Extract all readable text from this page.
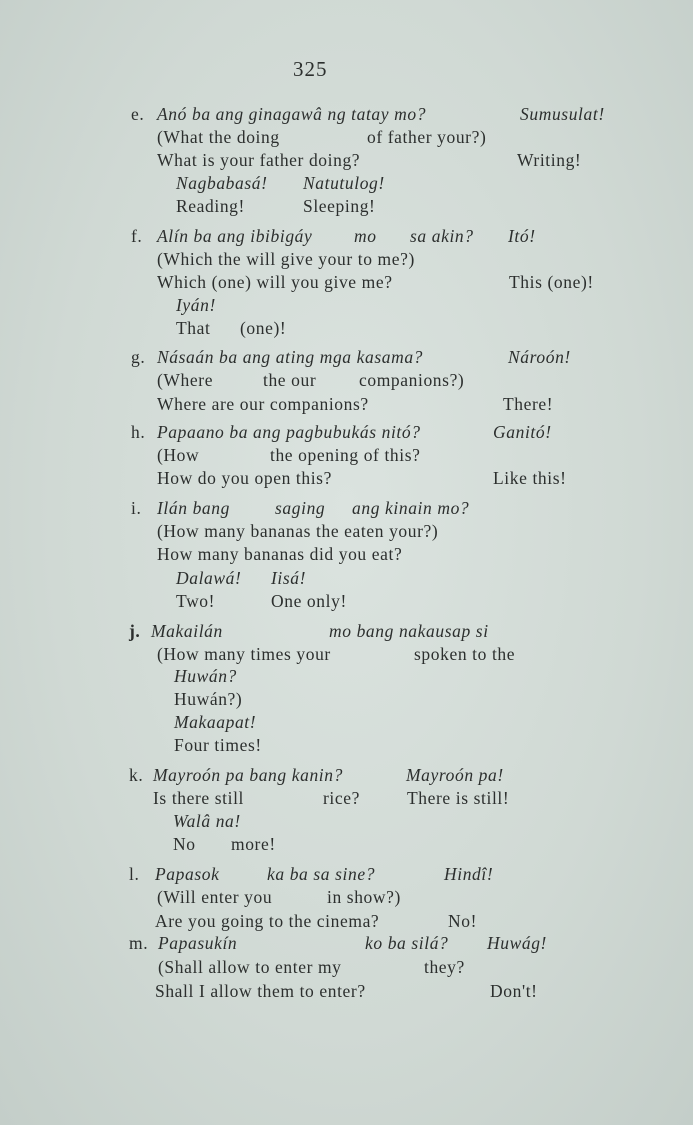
325
e. Anó ba ang ginagawâ ng tatay mo?	Sumusulat!
(What the doing	of father your?)
What is your father doing?	Writing!
Nagbabasá! Natutulog!
Reading!	Sleeping!
f. Alín ba ang ibibigáy mo sa akin? Itó!
(Which the will give your to me?)
Which (one) will you give me?	This (one)!
Iyán!
That (one)!
g. Násaán ba ang ating mga kasama?	Nároón!
(Where	the our companions?)
Where are our companions?	There!
h. Papaano ba ang pagbubukás nitó?	Ganitó!
(How	the opening of this?
How do you open this?	Like this!
i. Ilán bang	saging ang kinain mo?
(How many bananas the eaten your?)
How many bananas did you eat?
Dalawá! Iisá!
Two!	One only!
j. Makailán	mo bang nakausap si
(How many times your	spoken to the
Huwán?
Huwán?)
Makaapat!
Four times!
k. Mayroón pa bang kanin?	Mayroón pa!
Is there still	rice?	There is still!
Walâ na!
No more!
l. Papasok	ka ba sa sine?	Hindî!
(Will enter you	in show?)
Are you going to the cinema?	No!
m. Papasukín	ko ba silá? Huwág!
(Shall allow to enter my	they?
Shall I allow them to enter?	Don't!
